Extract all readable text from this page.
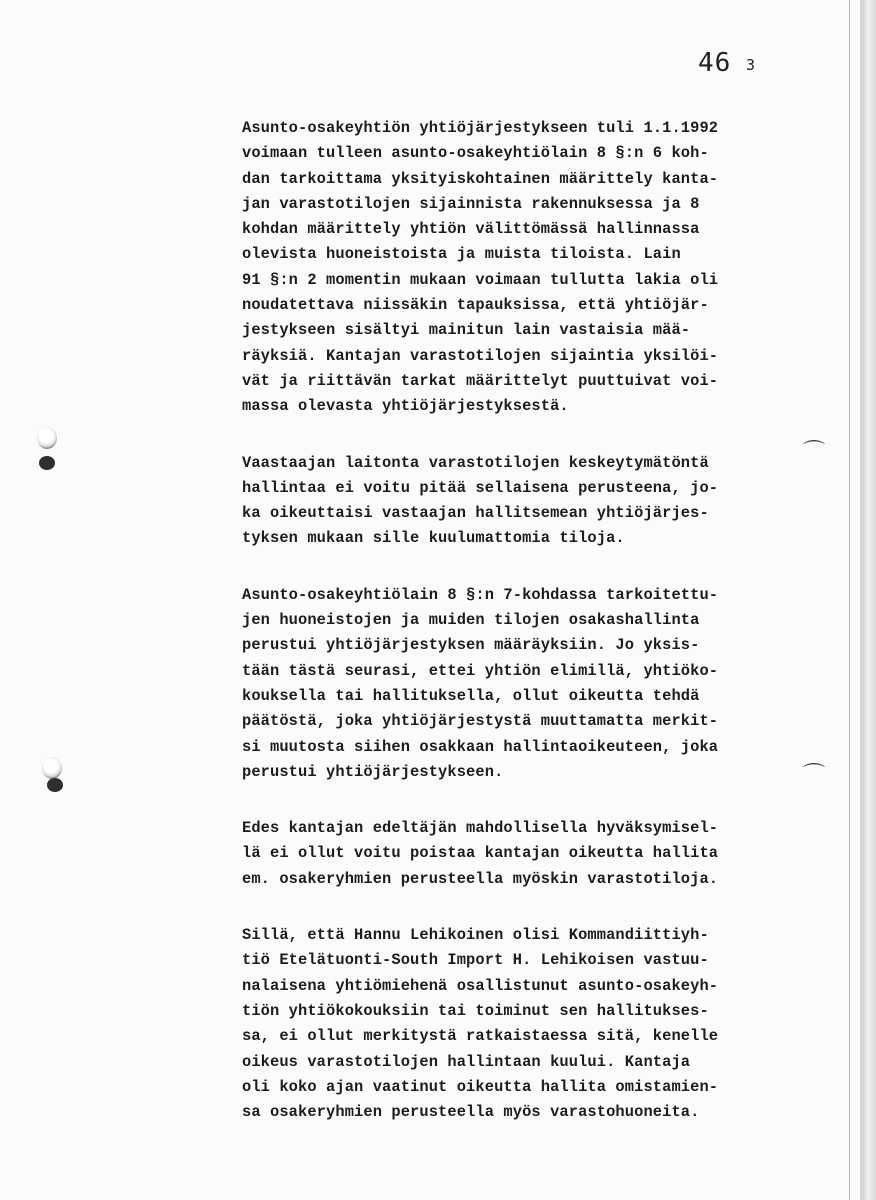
46 3
⌒
⌒
Asunto-osakeyhtiön yhtiöjärjestykseen tuli 1.1.1992
voimaan tulleen asunto-osakeyhtiölain 8 §:n 6 koh-
dan tarkoittama yksityiskohtainen määrittely kanta-
jan varastotilojen sijainnista rakennuksessa ja 8
kohdan määrittely yhtiön välittömässä hallinnassa
olevista huoneistoista ja muista tiloista. Lain
91 §:n 2 momentin mukaan voimaan tullutta lakia oli
noudatettava niissäkin tapauksissa, että yhtiöjär-
jestykseen sisältyi mainitun lain vastaisia mää-
räyksiä. Kantajan varastotilojen sijaintia yksilöi-
vät ja riittävän tarkat määrittelyt puuttuivat voi-
massa olevasta yhtiöjärjestyksestä.
Vaastaajan laitonta varastotilojen keskeytymätöntä
hallintaa ei voitu pitää sellaisena perusteena, jo-
ka oikeuttaisi vastaajan hallitsemean yhtiöjärjes-
tyksen mukaan sille kuulumattomia tiloja.
Asunto-osakeyhtiölain 8 §:n 7-kohdassa tarkoitettu-
jen huoneistojen ja muiden tilojen osakashallinta
perustui yhtiöjärjestyksen määräyksiin. Jo yksis-
tään tästä seurasi, ettei yhtiön elimillä, yhtiöko-
kouksella tai hallituksella, ollut oikeutta tehdä
päätöstä, joka yhtiöjärjestystä muuttamatta merkit-
si muutosta siihen osakkaan hallintaoikeuteen, joka
perustui yhtiöjärjestykseen.
Edes kantajan edeltäjän mahdollisella hyväksymisel-
lä ei ollut voitu poistaa kantajan oikeutta hallita
em. osakeryhmien perusteella myöskin varastotiloja.
Sillä, että Hannu Lehikoinen olisi Kommandiittiyh-
tiö Etelätuonti-South Import H. Lehikoisen vastuu-
nalaisena yhtiömiehenä osallistunut asunto-osakeyh-
tiön yhtiökokouksiin tai toiminut sen hallitukses-
sa, ei ollut merkitystä ratkaistaessa sitä, kenelle
oikeus varastotilojen hallintaan kuului. Kantaja
oli koko ajan vaatinut oikeutta hallita omistamien-
sa osakeryhmien perusteella myös varastohuoneita.
